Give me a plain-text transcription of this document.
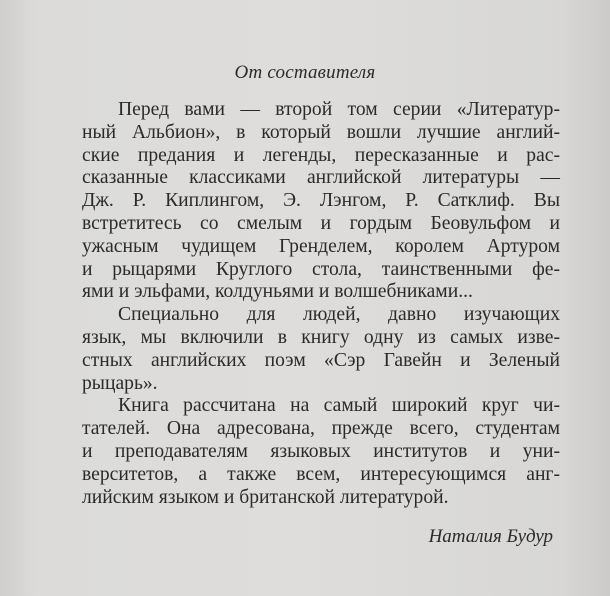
От составителя
Перед вами — второй том серии «Литератур-
ный Альбион», в который вошли лучшие англий-
ские предания и легенды, пересказанные и рас-
сказанные классиками английской литературы —
Дж. Р. Киплингом, Э. Лэнгом, Р. Сатклиф. Вы
встретитесь со смелым и гордым Беовульфом и
ужасным чудищем Гренделем, королем Артуром
и рыцарями Круглого стола, таинственными фе-
ями и эльфами, колдуньями и волшебниками...
Специально для людей, давно изучающих
язык, мы включили в книгу одну из самых изве-
стных английских поэм «Сэр Гавейн и Зеленый
рыцарь».
Книга рассчитана на самый широкий круг чи-
тателей. Она адресована, прежде всего, студентам
и преподавателям языковых институтов и уни-
верситетов, а также всем, интересующимся анг-
лийским языком и британской литературой.
Наталия Будур
